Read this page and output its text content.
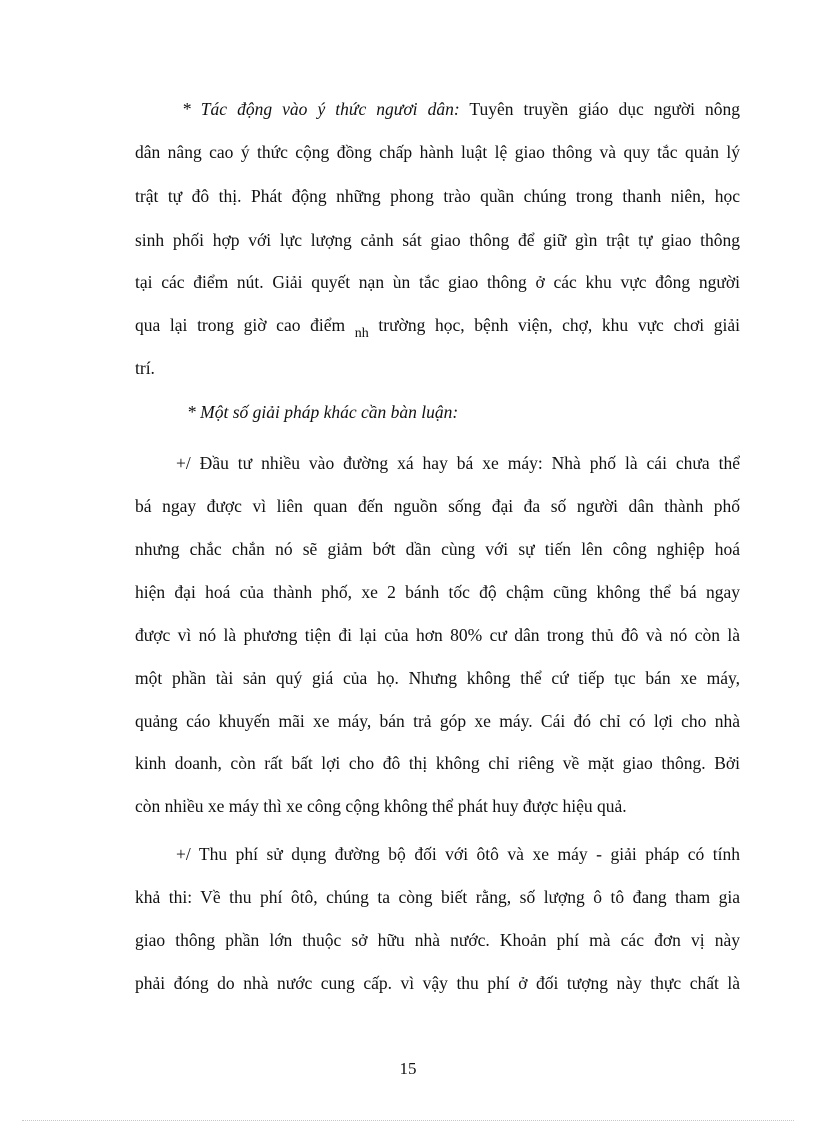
* Tác động vào ý thức ngươi dân: Tuyên truyền giáo dục người nông
dân nâng cao ý thức cộng đồng chấp hành luật lệ giao thông và quy tắc quản lý
trật tự đô thị. Phát động những phong trào quần chúng trong thanh niên, học
sinh phối hợp với lực lượng cảnh sát giao thông để giữ gìn trật tự giao thông
tại các điểm nút. Giải quyết nạn ùn tắc giao thông ở các khu vực đông người
qua lại trong giờ cao điểm $_{nh}$ trường học, bệnh viện, chợ, khu vực chơi giải
trí.
* Một số giải pháp khác cần bàn luận:
+/ Đầu tư nhiều vào đường xá hay bá xe máy: Nhà phố là cái chưa thể
bá ngay được vì liên quan đến nguồn sống đại đa số người dân thành phố
nhưng chắc chắn nó sẽ giảm bớt dần cùng với sự tiến lên công nghiệp hoá
hiện đại hoá của thành phố, xe 2 bánh tốc độ chậm cũng không thể bá ngay
được vì nó là phương tiện đi lại của hơn 80% cư dân trong thủ đô và nó còn là
một phần tài sản quý giá của họ. Nhưng không thể cứ tiếp tục bán xe máy,
quảng cáo khuyến mãi xe máy, bán trả góp xe máy. Cái đó chỉ có lợi cho nhà
kinh doanh, còn rất bất lợi cho đô thị không chỉ riêng về mặt giao thông. Bởi
còn nhiều xe máy thì xe công cộng không thể phát huy được hiệu quả.
+/ Thu phí sử dụng đường bộ đối với ôtô và xe máy - giải pháp có tính
khả thi: Về thu phí ôtô, chúng ta còng biết rằng, số lượng ô tô đang tham gia
giao thông phần lớn thuộc sở hữu nhà nước. Khoản phí mà các đơn vị này
phải đóng do nhà nước cung cấp. vì vậy thu phí ở đối tượng này thực chất là
15
